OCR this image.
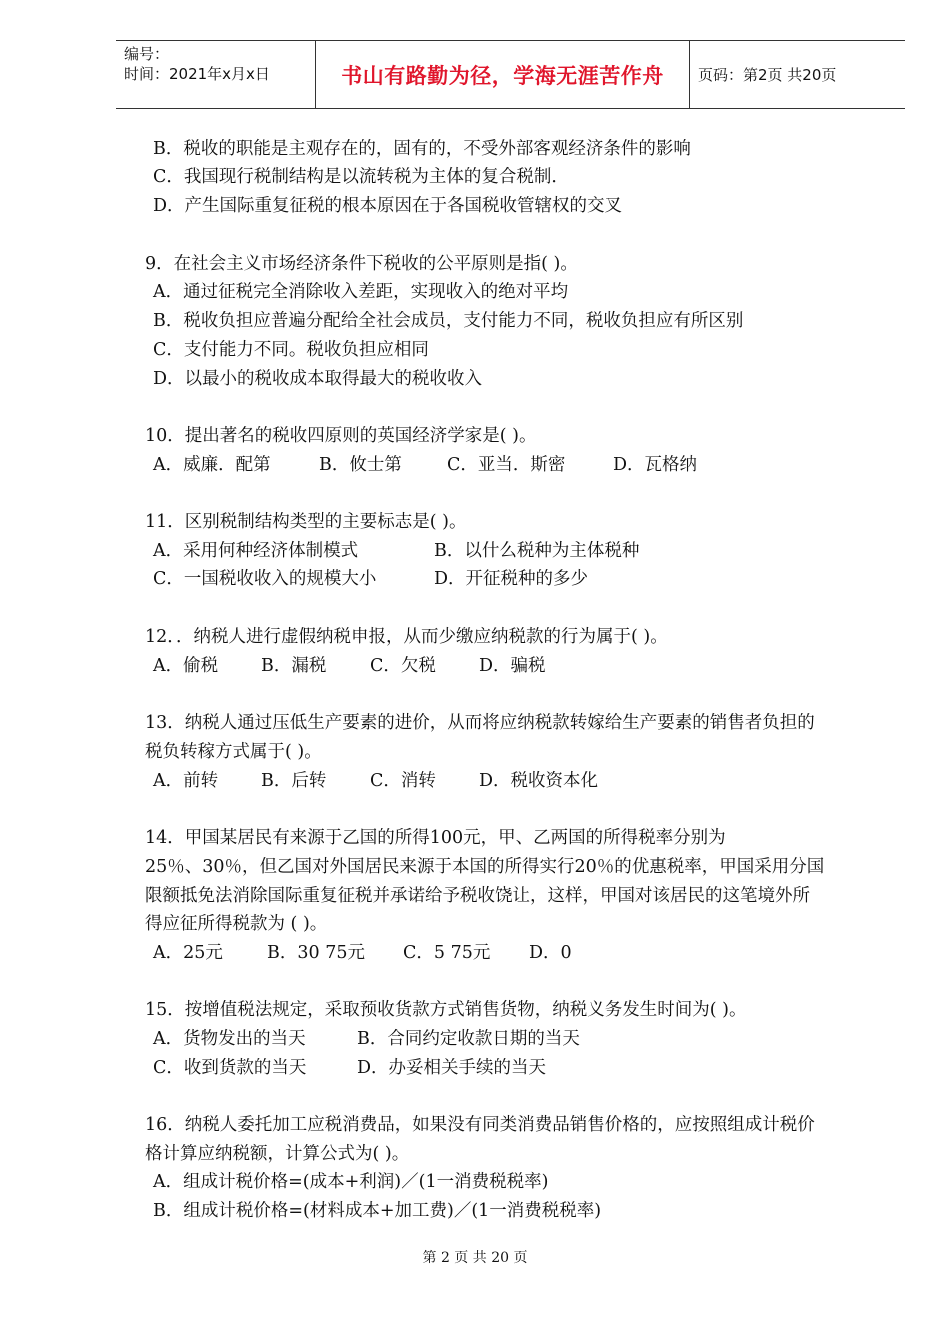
编号：
时间：2021年x月x日	书山有路勤为径，学海无涯苦作舟 页码：第2页 共20页
B．税收的职能是主观存在的，固有的，不受外部客观经济条件的影响
C．我国现行税制结构是以流转税为主体的复合税制．
D．产生国际重复征税的根本原因在于各国税收管辖权的交叉
9．在社会主义市场经济条件下税收的公平原则是指( )。
A．通过征税完全消除收入差距，实现收入的绝对平均
B．税收负担应普遍分配给全社会成员，支付能力不同，税收负担应有所区别
C．支付能力不同。税收负担应相同
D．以最小的税收成本取得最大的税收收入
10．提出著名的税收四原则的英国经济学家是( )。
A．威廉．配第	B．攸士第	C．亚当．斯密	D．瓦格纳
11．区别税制结构类型的主要标志是( )。
A．采用何种经济体制模式	B．以什么税种为主体税种
C．一国税收收入的规模大小	D．开征税种的多少
12．．纳税人进行虚假纳税申报，从而少缴应纳税款的行为属于( )。
A．偷税 B．漏税 C．欠税 D．骗税
13．纳税人通过压低生产要素的进价，从而将应纳税款转嫁给生产要素的销售者负担的
税负转稼方式属于( )。
A．前转 B．后转 C．消转 D．税收资本化
14．甲国某居民有来源于乙国的所得100元，甲、乙两国的所得税率分别为
25％、30％，但乙国对外国居民来源于本国的所得实行20％的优惠税率，甲国采用分国
限额抵免法消除国际重复征税并承诺给予税收饶让，这样，甲国对该居民的这笔境外所
得应征所得税款为 ( )。
A．25元	B．30 75元 C．5 75元 D．0
15．按增值税法规定，采取预收货款方式销售货物，纳税义务发生时间为( )。
A．货物发出的当天	B．合同约定收款日期的当天
C．收到货款的当天	D．办妥相关手续的当天
16．纳税人委托加工应税消费品，如果没有同类消费品销售价格的，应按照组成计税价
格计算应纳税额，计算公式为( )。
A．组成计税价格=(成本+利润)／(1一消费税税率)
B．组成计税价格=(材料成本+加工费)／(1一消费税税率)
第 2 页 共 20 页
